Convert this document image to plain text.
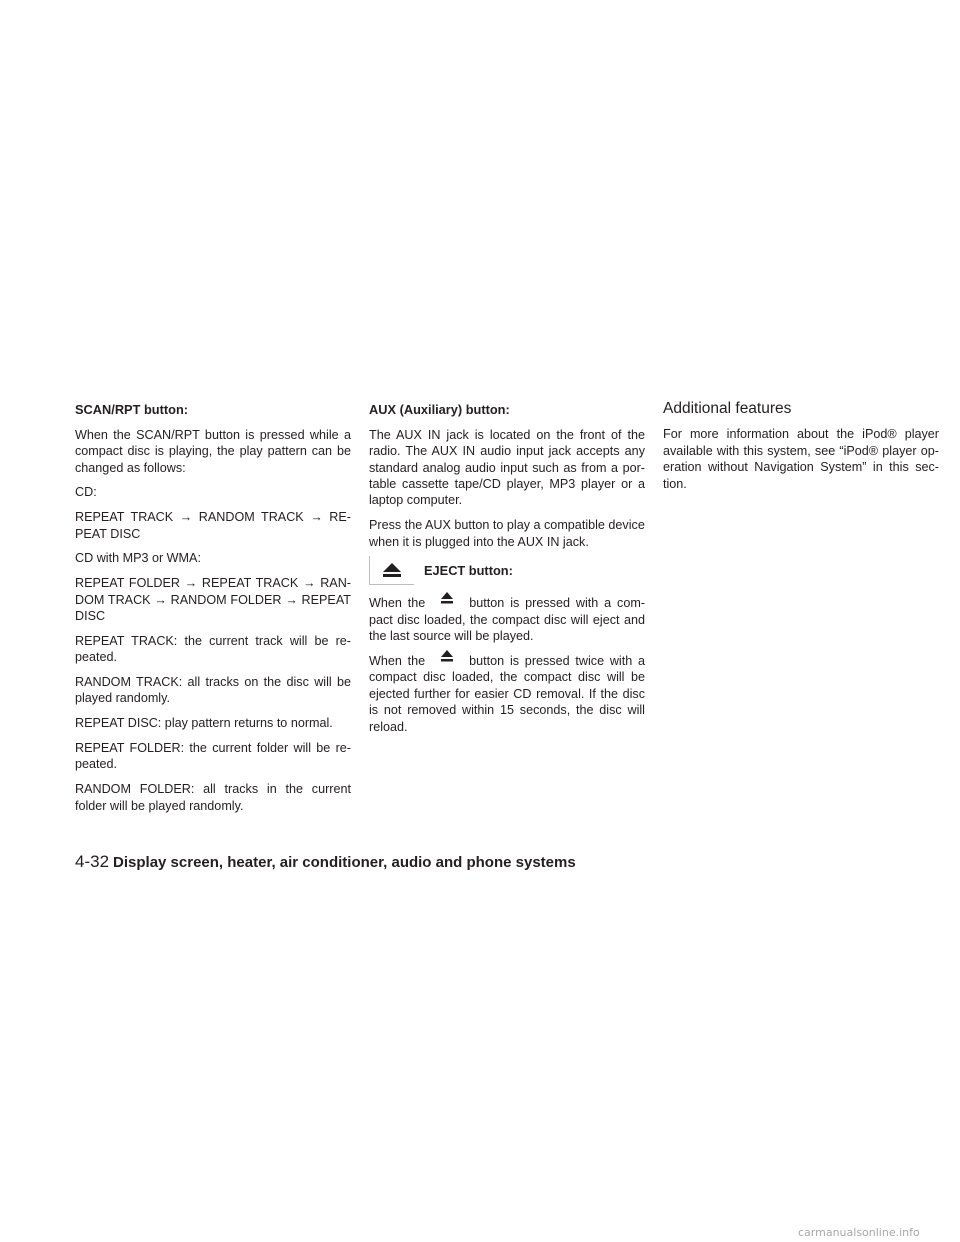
SCAN/RPT button:

When the SCAN/RPT button is pressed while a compact disc is playing, the play pattern can be changed as follows:

CD:

REPEAT TRACK → RANDOM TRACK → RE-PEAT DISC

CD with MP3 or WMA:

REPEAT FOLDER → REPEAT TRACK → RAN-DOM TRACK → RANDOM FOLDER → REPEAT DISC

REPEAT TRACK: the current track will be re-peated.

RANDOM TRACK: all tracks on the disc will be played randomly.

REPEAT DISC: play pattern returns to normal.

REPEAT FOLDER: the current folder will be re-peated.

RANDOM FOLDER: all tracks in the current folder will be played randomly.

AUX (Auxiliary) button:

The AUX IN jack is located on the front of the radio. The AUX IN audio input jack accepts any standard analog audio input such as from a por-table cassette tape/CD player, MP3 player or a laptop computer.

Press the AUX button to play a compatible device when it is plugged into the AUX IN jack.

EJECT button:

When the	button is pressed with a com-pact disc loaded, the compact disc will eject and the last source will be played.

When the	button is pressed twice with a compact disc loaded, the compact disc will be ejected further for easier CD removal. If the disc is not removed within 15 seconds, the disc will reload.

Additional features

For more information about the iPod® player available with this system, see “iPod® player op-eration without Navigation System” in this sec-tion.

4-32 Display screen, heater, air conditioner, audio and phone systems
carmanualsonline.info
